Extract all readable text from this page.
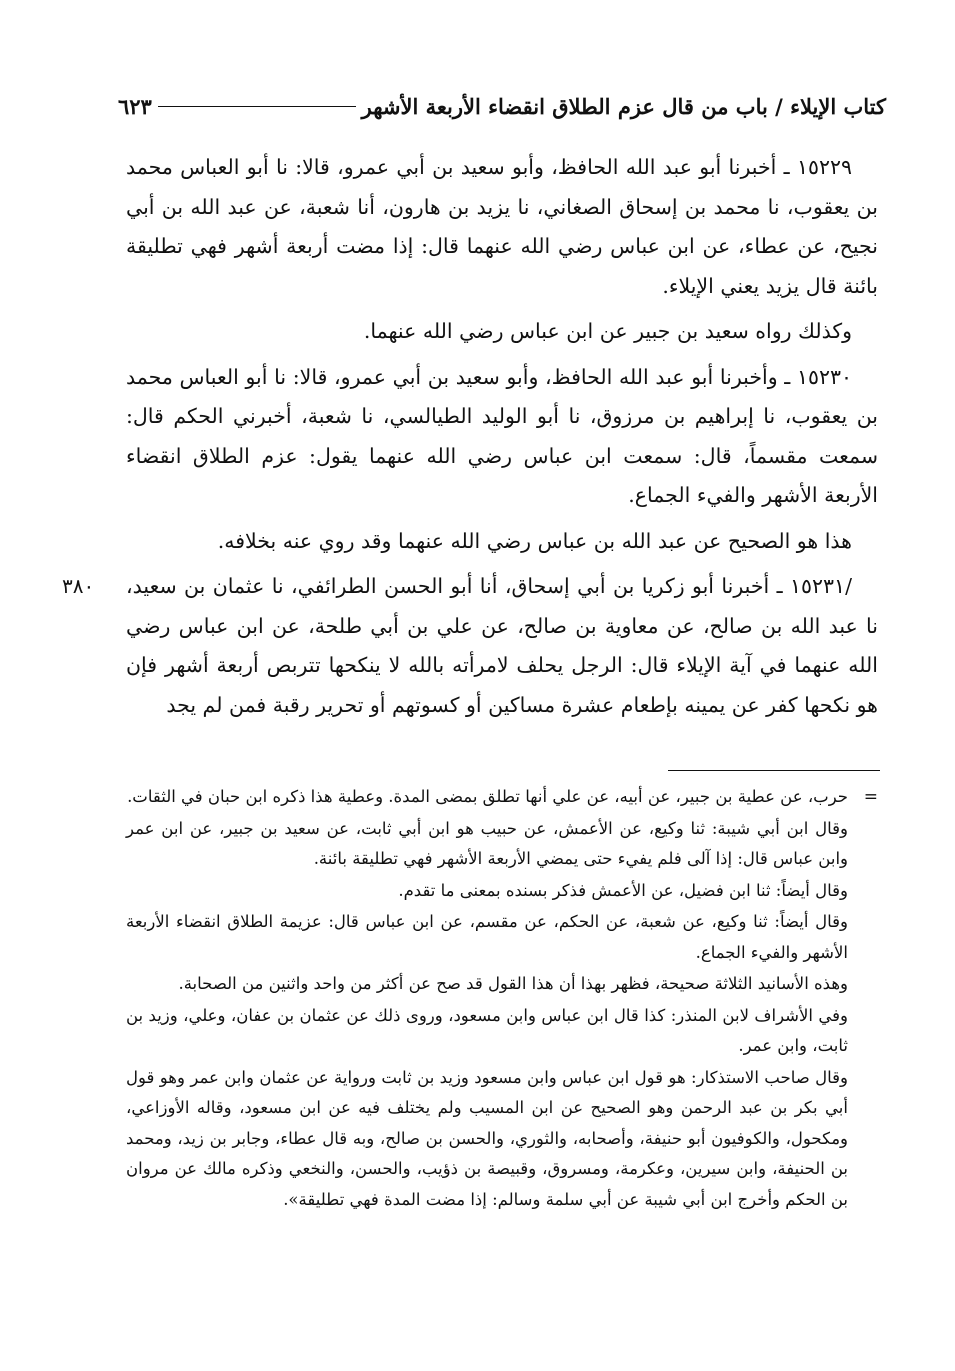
كتاب الإيلاء / باب من قال عزم الطلاق انقضاء الأربعة الأشهر
٦٢٣

١٥٢٢٩ ـ أخبرنا أبو عبد الله الحافظ، وأبو سعيد بن أبي عمرو، قالا: نا أبو العباس محمد بن يعقوب، نا محمد بن إسحاق الصغاني، نا يزيد بن هارون، أنا شعبة، عن عبد الله بن أبي نجيح، عن عطاء، عن ابن عباس رضي الله عنهما قال: إذا مضت أربعة أشهر فهي تطليقة بائنة قال يزيد يعني الإيلاء.

وكذلك رواه سعيد بن جبير عن ابن عباس رضي الله عنهما.

١٥٢٣٠ ـ وأخبرنا أبو عبد الله الحافظ، وأبو سعيد بن أبي عمرو، قالا: نا أبو العباس محمد بن يعقوب، نا إبراهيم بن مرزوق، نا أبو الوليد الطيالسي، نا شعبة، أخبرني الحكم قال: سمعت مقسماً، قال: سمعت ابن عباس رضي الله عنهما يقول: عزم الطلاق انقضاء الأربعة الأشهر والفيء الجماع.

هذا هو الصحيح عن عبد الله بن عباس رضي الله عنهما وقد روي عنه بخلافه.

/١٥٢٣١ ـ أخبرنا أبو زكريا بن أبي إسحاق، أنا أبو الحسن الطرائفي، نا عثمان بن سعيد، نا عبد الله بن صالح، عن معاوية بن صالح، عن علي بن أبي طلحة، عن ابن عباس رضي الله عنهما في آية الإيلاء قال: الرجل يحلف لامرأته بالله لا ينكحها تتربص أربعة أشهر فإن هو نكحها كفر عن يمينه بإطعام عشرة مساكين أو كسوتهم أو تحرير رقبة فمن لم يجد

٣٨٠

=
حرب، عن عطية بن جبير، عن أبيه، عن علي أنها تطلق بمضى المدة. وعطية هذا ذكره ابن حبان في الثقات.

وقال ابن أبي شيبة: ثنا وكيع، عن الأعمش، عن حبيب هو ابن أبي ثابت، عن سعيد بن جبير، عن ابن عمر وابن عباس قال: إذا آلى فلم يفيء حتى يمضي الأربعة الأشهر فهي تطليقة بائنة.

وقال أيضاً: ثنا ابن فضيل، عن الأعمش فذكر بسنده بمعنى ما تقدم.

وقال أيضاً: ثنا وكيع، عن شعبة، عن الحكم، عن مقسم، عن ابن عباس قال: عزيمة الطلاق انقضاء الأربعة الأشهر والفيء الجماع.

وهذه الأسانيد الثلاثة صحيحة، فظهر بهذا أن هذا القول قد صح عن أكثر من واحد واثنين من الصحابة.

وفي الأشراف لابن المنذر: كذا قال ابن عباس وابن مسعود، وروى ذلك عن عثمان بن عفان، وعلي، وزيد بن ثابت، وابن عمر.

وقال صاحب الاستذكار: هو قول ابن عباس وابن مسعود وزيد بن ثابت ورواية عن عثمان وابن عمر وهو قول أبي بكر بن عبد الرحمن وهو الصحيح عن ابن المسيب ولم يختلف فيه عن ابن مسعود، وقاله الأوزاعي، ومكحول، والكوفيون أبو حنيفة، وأصحابه، والثوري، والحسن بن صالح، وبه قال عطاء، وجابر بن زيد، ومحمد بن الحنيفة، وابن سيرين، وعكرمة، ومسروق، وقبيصة بن ذؤيب، والحسن، والنخعي وذكره مالك عن مروان بن الحكم وأخرج ابن أبي شيبة عن أبي سلمة وسالم: إذا مضت المدة فهي تطليقة».
